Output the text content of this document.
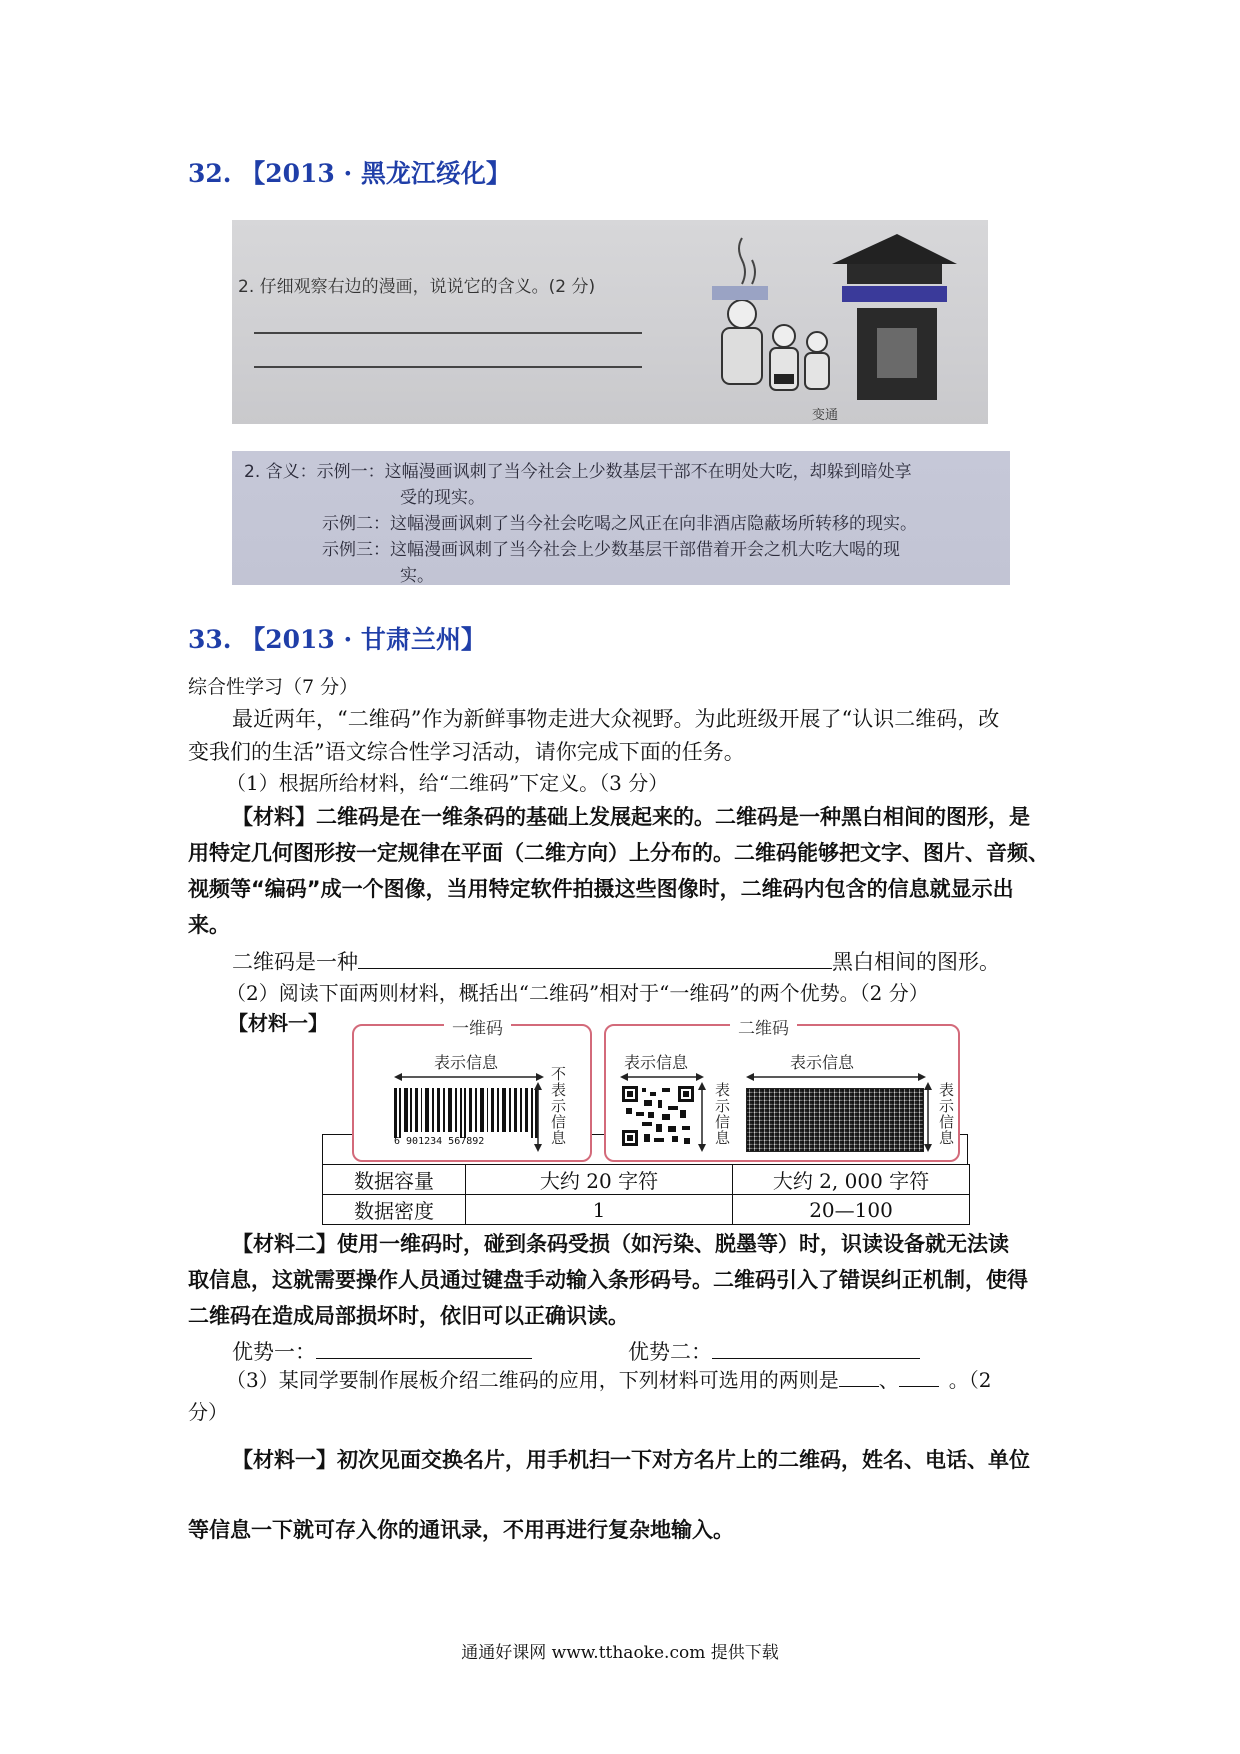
32. 【2013 · 黑龙江绥化】
2. 仔细观察右边的漫画，说说它的含义。(2 分)
变通
2. 含义：示例一：这幅漫画讽刺了当今社会上少数基层干部不在明处大吃，却躲到暗处享
受的现实。
示例二：这幅漫画讽刺了当今社会吃喝之风正在向非酒店隐蔽场所转移的现实。
示例三：这幅漫画讽刺了当今社会上少数基层干部借着开会之机大吃大喝的现
实。
33. 【2013 · 甘肃兰州】
综合性学习（7 分）
最近两年，“二维码”作为新鲜事物走进大众视野。为此班级开展了“认识二维码，改
变我们的生活”语文综合性学习活动，请你完成下面的任务。
（1）根据所给材料，给“二维码”下定义。（3 分）
【材料】二维码是在一维条码的基础上发展起来的。二维码是一种黑白相间的图形，是
用特定几何图形按一定规律在平面（二维方向）上分布的。二维码能够把文字、图片、音频、
视频等“编码”成一个图像，当用特定软件拍摄这些图像时，二维码内包含的信息就显示出
来。
二维码是一种	黑白相间的图形。
（2）阅读下面两则材料，概括出“二维码”相对于“一维码”的两个优势。（2 分）
【材料一】	一维码
表示信息
6 901234 567892	不表示信息
二维码
表示信息	表示信息
表示信息	表示信息
数据容量	大约 20 字符	大约 2, 000 字符
数据密度	1	20—100
【材料二】使用一维码时，碰到条码受损（如污染、脱墨等）时，识读设备就无法读
取信息，这就需要操作人员通过键盘手动输入条形码号。二维码引入了错误纠正机制，使得
二维码在造成局部损坏时，依旧可以正确识读。
优势一：	优势二：
（3）某同学要制作展板介绍二维码的应用，下列材料可选用的两则是 、	。（2
分）
【材料一】初次见面交换名片，用手机扫一下对方名片上的二维码，姓名、电话、单位
等信息一下就可存入你的通讯录，不用再进行复杂地输入。
通通好课网 www.tthaoke.com 提供下载
